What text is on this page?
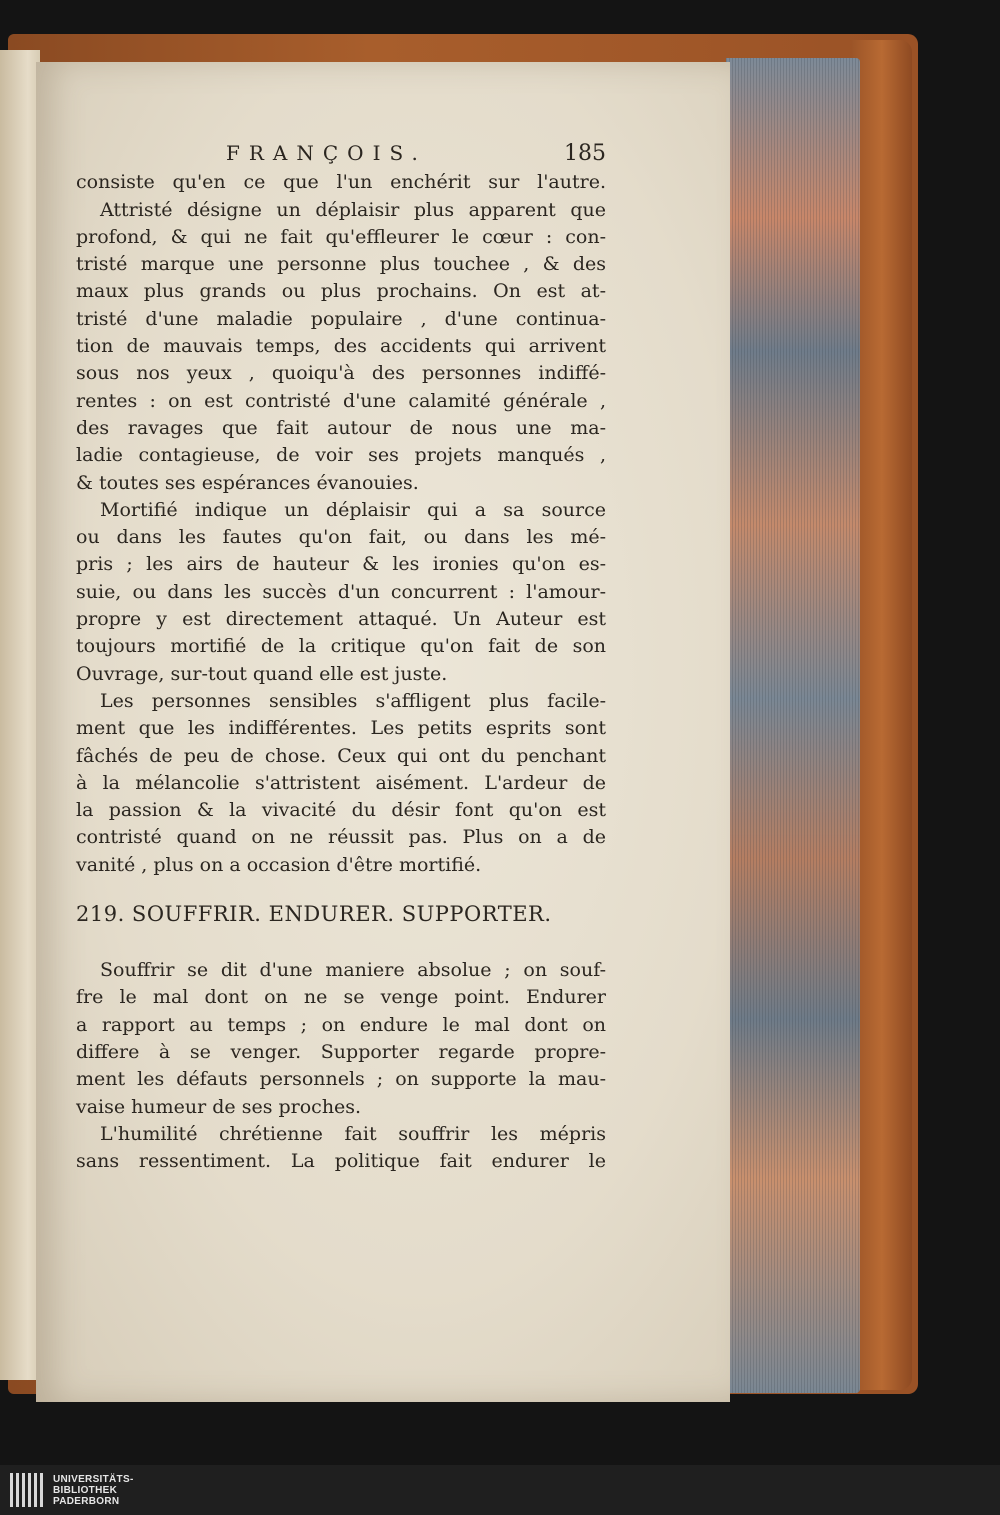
FRANÇOIS.	185
consiste qu'en ce que l'un enchérit sur l'autre.
Attristé désigne un déplaisir plus apparent que
profond, & qui ne fait qu'effleurer le cœur : con-
tristé marque une personne plus touchee , & des
maux plus grands ou plus prochains. On est at-
tristé d'une maladie populaire , d'une continua-
tion de mauvais temps, des accidents qui arrivent
sous nos yeux , quoiqu'à des personnes indiffé-
rentes : on est contristé d'une calamité générale ,
des ravages que fait autour de nous une ma-
ladie contagieuse, de voir ses projets manqués ,
& toutes ses espérances évanouies.
Mortifié indique un déplaisir qui a sa source
ou dans les fautes qu'on fait, ou dans les mé-
pris ; les airs de hauteur & les ironies qu'on es-
suie, ou dans les succès d'un concurrent : l'amour-
propre y est directement attaqué. Un Auteur est
toujours mortifié de la critique qu'on fait de son
Ouvrage, sur-tout quand elle est juste.
Les personnes sensibles s'affligent plus facile-
ment que les indifférentes. Les petits esprits sont
fâchés de peu de chose. Ceux qui ont du penchant
à la mélancolie s'attristent aisément. L'ardeur de
la passion & la vivacité du désir font qu'on est
contristé quand on ne réussit pas. Plus on a de
vanité , plus on a occasion d'être mortifié.
219. SOUFFRIR. ENDURER. SUPPORTER.
Souffrir se dit d'une maniere absolue ; on souf-
fre le mal dont on ne se venge point. Endurer
a rapport au temps ; on endure le mal dont on
differe à se venger. Supporter regarde propre-
ment les défauts personnels ; on supporte la mau-
vaise humeur de ses proches.
L'humilité chrétienne fait souffrir les mépris
sans ressentiment. La politique fait endurer le
UNIVERSITÄTS-
BIBLIOTHEK
PADERBORN
